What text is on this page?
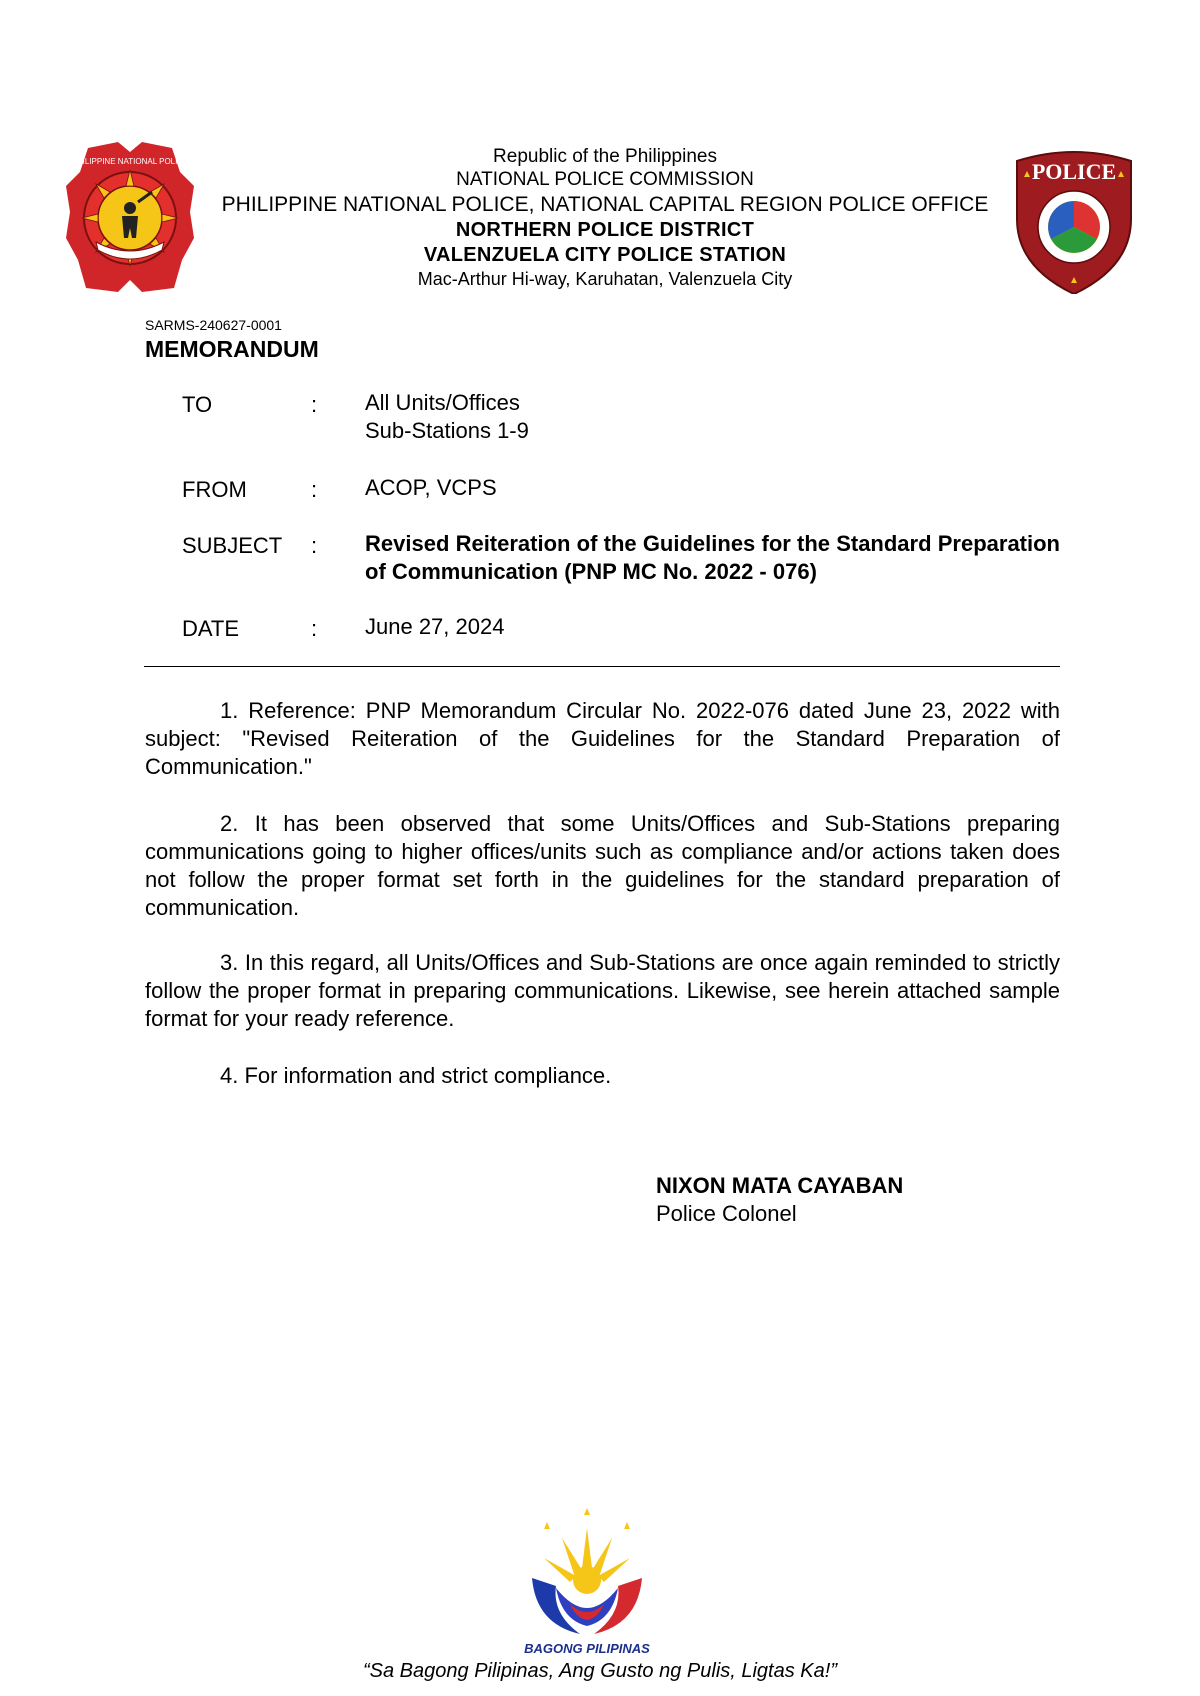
PHILIPPINE NATIONAL POLICE	Republic of the Philippines
NATIONAL POLICE COMMISSION
PHILIPPINE NATIONAL POLICE, NATIONAL CAPITAL REGION POLICE OFFICE
NORTHERN POLICE DISTRICT
VALENZUELA CITY POLICE STATION
Mac-Arthur Hi-way, Karuhatan, Valenzuela City
POLICE
SARMS-240627-0001
MEMORANDUM
TO	: All Units/Offices
Sub-Stations 1-9
FROM	: ACOP, VCPS
SUBJECT : Revised Reiteration of the Guidelines for the Standard Preparation of Communication (PNP MC No. 2022 - 076)
DATE	: June 27, 2024
1. Reference: PNP Memorandum Circular No. 2022-076 dated June 23, 2022 with subject: "Revised Reiteration of the Guidelines for the Standard Preparation of Communication."
2. It has been observed that some Units/Offices and Sub-Stations preparing communications going to higher offices/units such as compliance and/or actions taken does not follow the proper format set forth in the guidelines for the standard preparation of communication.
3. In this regard, all Units/Offices and Sub-Stations are once again reminded to strictly follow the proper format in preparing communications. Likewise, see herein attached sample format for your ready reference.
4. For information and strict compliance.
NIXON MATA CAYABAN
Police Colonel
BAGONG PILIPINAS
“Sa Bagong Pilipinas, Ang Gusto ng Pulis, Ligtas Ka!”
